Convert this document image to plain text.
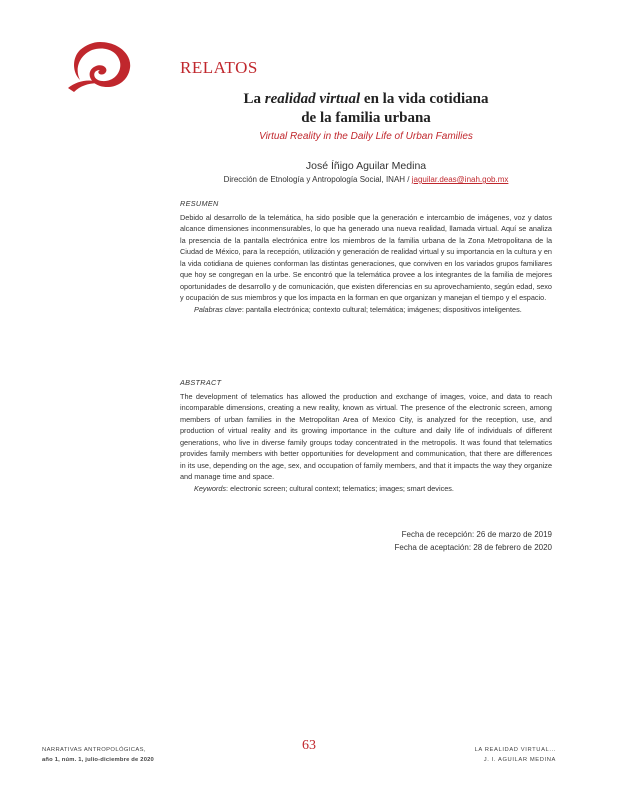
RELATOS
La realidad virtual en la vida cotidiana
de la familia urbana
Virtual Reality in the Daily Life of Urban Families
José Íñigo Aguilar Medina
Dirección de Etnología y Antropología Social, INAH / jaguilar.deas@inah.gob.mx
RESUMEN

Debido al desarrollo de la telemática, ha sido posible que la generación e intercambio de imágenes, voz y datos alcance dimensiones inconmensurables, lo que ha generado una nueva realidad, llamada virtual. Aquí se analiza la presencia de la pantalla electrónica entre los miembros de la familia urbana de la Zona Metropolitana de la Ciudad de México, para la recepción, utilización y generación de realidad virtual y su importancia en la cultura y en la vida cotidiana de quienes conforman las distintas generaciones, que conviven en los variados grupos familiares que hoy se congregan en la urbe. Se encontró que la telemática provee a los integrantes de la familia de mejores oportunidades de desarrollo y de comunicación, que existen diferencias en su aprovechamiento, según edad, sexo y ocupación de sus miembros y que los impacta en la forman en que organizan y manejan el tiempo y el espacio.

Palabras clave: pantalla electrónica; contexto cultural; telemática; imágenes; dispositivos inteligentes.

ABSTRACT

The development of telematics has allowed the production and exchange of images, voice, and data to reach incomparable dimensions, creating a new reality, known as virtual. The presence of the electronic screen, among members of urban families in the Metropolitan Area of Mexico City, is analyzed for the reception, use, and production of virtual reality and its growing importance in the culture and daily life of individuals of different generations, who live in diverse family groups today concentrated in the metropolis. It was found that telematics provides family members with better opportunities for development and communication, that there are differences in its use, depending on the age, sex, and occupation of family members, and that it impacts the way they organize and manage time and space.

Keywords: electronic screen; cultural context; telematics; images; smart devices.

Fecha de recepción: 26 de marzo de 2019
Fecha de aceptación: 28 de febrero de 2020
NARRATIVAS ANTROPOLÓGICAS,
año 1, núm. 1, julio-diciembre de 2020
63	LA REALIDAD VIRTUAL...
J. I. AGUILAR MEDINA
